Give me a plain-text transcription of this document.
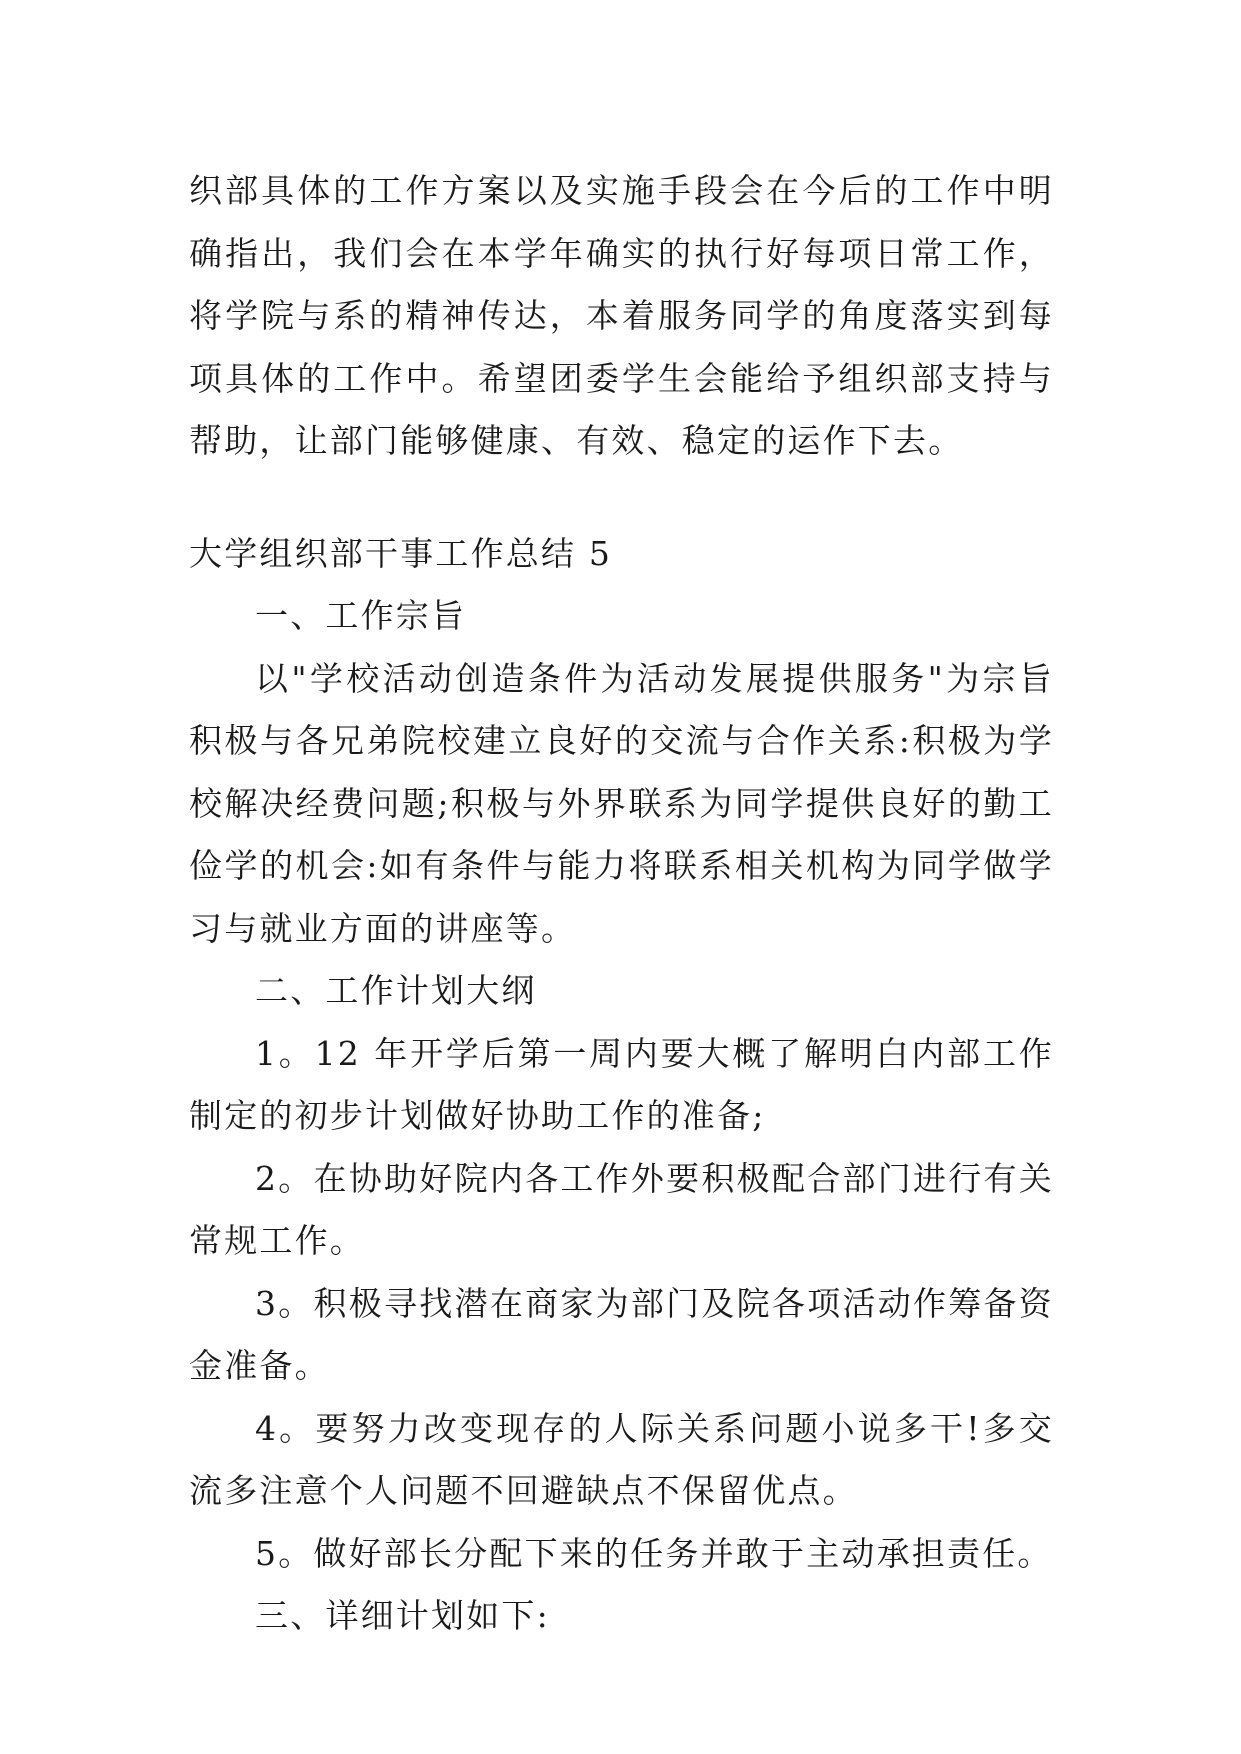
织部具体的工作方案以及实施手段会在今后的工作中明确指出，我们会在本学年确实的执行好每项日常工作，将学院与系的精神传达，本着服务同学的角度落实到每项具体的工作中。希望团委学生会能给予组织部支持与帮助，让部门能够健康、有效、稳定的运作下去。

大学组织部干事工作总结 5

一、工作宗旨

以"学校活动创造条件为活动发展提供服务"为宗旨积极与各兄弟院校建立良好的交流与合作关系:积极为学校解决经费问题;积极与外界联系为同学提供良好的勤工俭学的机会:如有条件与能力将联系相关机构为同学做学习与就业方面的讲座等。

二、工作计划大纲

1。12 年开学后第一周内要大概了解明白内部工作制定的初步计划做好协助工作的准备;

2。在协助好院内各工作外要积极配合部门进行有关常规工作。

3。积极寻找潜在商家为部门及院各项活动作筹备资金准备。

4。要努力改变现存的人际关系问题小说多干!多交流多注意个人问题不回避缺点不保留优点。

5。做好部长分配下来的任务并敢于主动承担责任。

三、详细计划如下:
